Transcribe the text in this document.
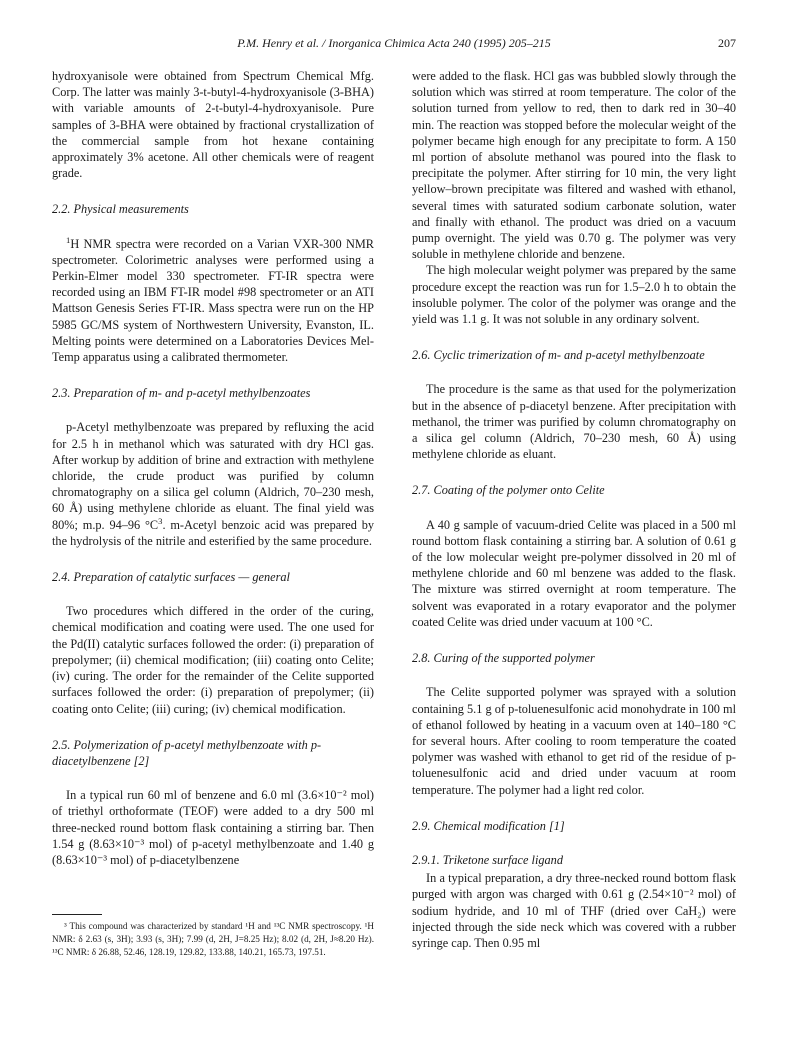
P.M. Henry et al. / Inorganica Chimica Acta 240 (1995) 205–215	207

hydroxyanisole were obtained from Spectrum Chemical Mfg. Corp. The latter was mainly 3-t-butyl-4-hydroxyanisole (3-BHA) with variable amounts of 2-t-butyl-4-hydroxyanisole. Pure samples of 3-BHA were obtained by fractional crystallization of the commercial sample from hot hexane containing approximately 3% acetone. All other chemicals were of reagent grade.

2.2. Physical measurements

$^1$H NMR spectra were recorded on a Varian VXR-300 NMR spectrometer. Colorimetric analyses were performed using a Perkin-Elmer model 330 spectrometer. FT-IR spectra were recorded using an IBM FT-IR model #98 spectrometer or an ATI Mattson Genesis Series FT-IR. Mass spectra were run on the HP 5985 GC/MS system of Northwestern University, Evanston, IL. Melting points were determined on a Laboratories Devices Mel-Temp apparatus using a calibrated thermometer.

2.3. Preparation of m- and p-acetyl methylbenzoates

p-Acetyl methylbenzoate was prepared by refluxing the acid for 2.5 h in methanol which was saturated with dry HCl gas. After workup by addition of brine and extraction with methylene chloride, the crude product was purified by column chromatography on a silica gel column (Aldrich, 70–230 mesh, 60 Å) using methylene chloride as eluant. The final yield was 80%; m.p. 94–96 $^\circ C^3$. m-Acetyl benzoic acid was prepared by the hydrolysis of the nitrile and esterified by the same procedure.

2.4. Preparation of catalytic surfaces — general

Two procedures which differed in the order of the curing, chemical modification and coating were used. The one used for the Pd(II) catalytic surfaces followed the order: (i) preparation of prepolymer; (ii) chemical modification; (iii) coating onto Celite; (iv) curing. The order for the remainder of the Celite supported surfaces followed the order: (i) preparation of prepolymer; (ii) coating onto Celite; (iii) curing; (iv) chemical modification.

2.5. Polymerization of p-acetyl methylbenzoate with p-diacetylbenzene [2]

In a typical run 60 ml of benzene and 6.0 ml (3.6×10⁻² mol) of triethyl orthoformate (TEOF) were added to a dry 500 ml three-necked round bottom flask containing a stirring bar. Then 1.54 g (8.63×10⁻³ mol) of p-acetyl methylbenzoate and 1.40 g (8.63×10⁻³ mol) of p-diacetylbenzene

³ This compound was characterized by standard ¹H and ¹³C NMR spectroscopy. ¹H NMR: δ 2.63 (s, 3H); 3.93 (s, 3H); 7.99 (d, 2H, J=8.25 Hz); 8.02 (d, 2H, J≈8.20 Hz). ¹³C NMR: δ 26.88, 52.46, 128.19, 129.82, 133.88, 140.21, 165.73, 197.51.

were added to the flask. HCl gas was bubbled slowly through the solution which was stirred at room temperature. The color of the solution turned from yellow to red, then to dark red in 30–40 min. The reaction was stopped before the molecular weight of the polymer became high enough for any precipitate to form. A 150 ml portion of absolute methanol was poured into the flask to precipitate the polymer. After stirring for 10 min, the very light yellow–brown precipitate was filtered and washed with ethanol, several times with saturated sodium carbonate solution, water and finally with ethanol. The product was dried on a vacuum pump overnight. The yield was 0.70 g. The polymer was very soluble in methylene chloride and benzene.

The high molecular weight polymer was prepared by the same procedure except the reaction was run for 1.5–2.0 h to obtain the insoluble polymer. The color of the polymer was orange and the yield was 1.1 g. It was not soluble in any ordinary solvent.

2.6. Cyclic trimerization of m- and p-acetyl methylbenzoate

The procedure is the same as that used for the polymerization but in the absence of p-diacetyl benzene. After precipitation with methanol, the trimer was purified by column chromatography on a silica gel column (Aldrich, 70–230 mesh, 60 Å) using methylene chloride as eluant.

2.7. Coating of the polymer onto Celite

A 40 g sample of vacuum-dried Celite was placed in a 500 ml round bottom flask containing a stirring bar. A solution of 0.61 g of the low molecular weight pre-polymer dissolved in 20 ml of methylene chloride and 60 ml benzene was added to the flask. The mixture was stirred overnight at room temperature. The solvent was evaporated in a rotary evaporator and the polymer coated Celite was dried under vacuum at 100 °C.

2.8. Curing of the supported polymer

The Celite supported polymer was sprayed with a solution containing 5.1 g of p-toluenesulfonic acid monohydrate in 100 ml of ethanol followed by heating in a vacuum oven at 140–180 °C for several hours. After cooling to room temperature the coated polymer was washed with ethanol to get rid of the residue of p-toluenesulfonic acid and dried under vacuum at room temperature. The polymer had a light red color.

2.9. Chemical modification [1]
2.9.1. Triketone surface ligand

In a typical preparation, a dry three-necked round bottom flask purged with argon was charged with 0.61 g (2.54×10⁻² mol) of sodium hydride, and 10 ml of THF (dried over CaH₂) were injected through the side neck which was covered with a rubber syringe cap. Then 0.95 ml
